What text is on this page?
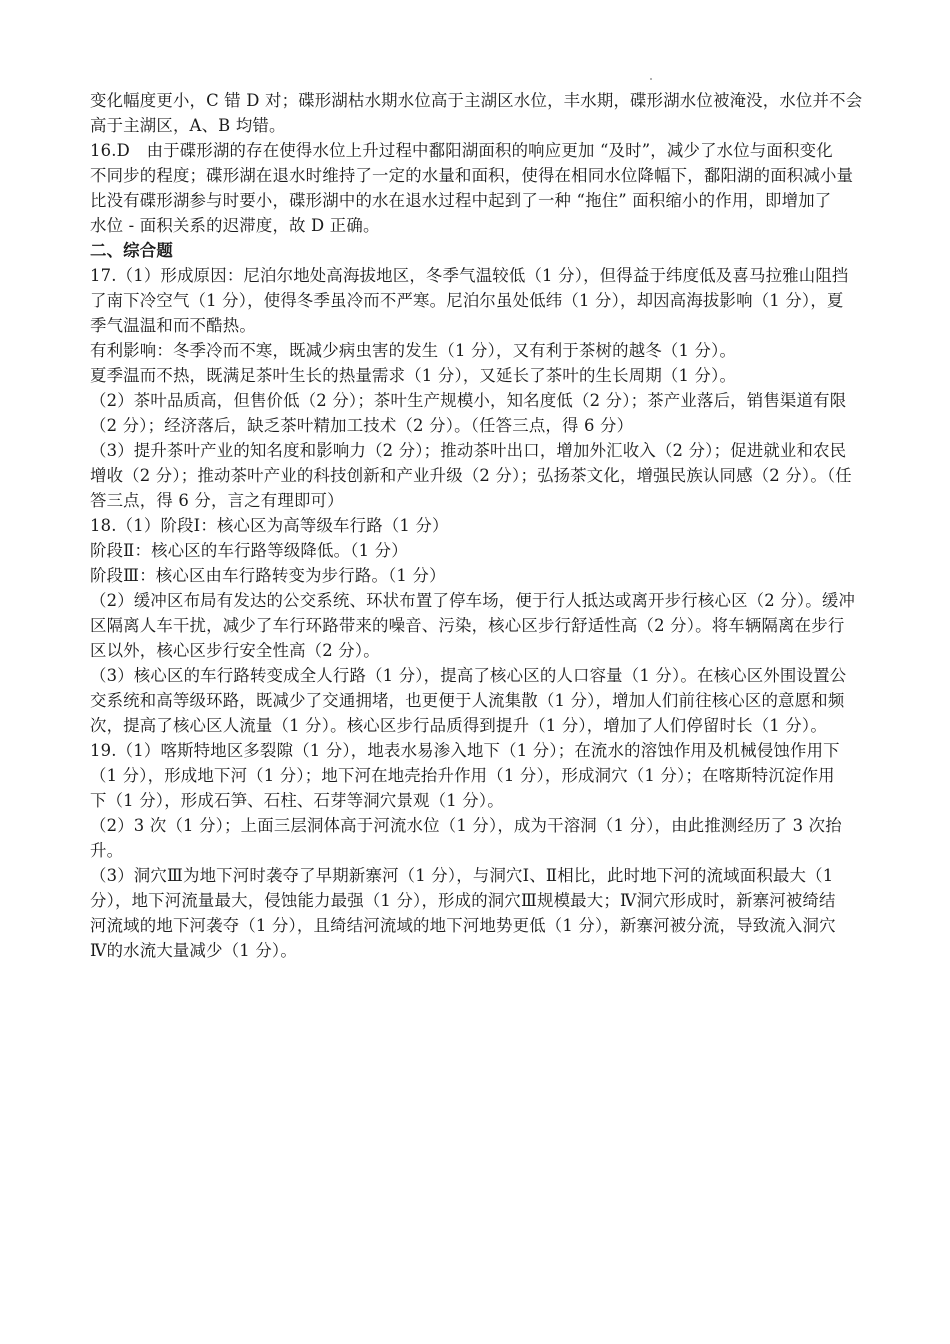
变化幅度更小，C 错 D 对；碟形湖枯水期水位高于主湖区水位，丰水期，碟形湖水位被淹没，水位并不会
高于主湖区，A、B 均错。
16.D　由于碟形湖的存在使得水位上升过程中鄱阳湖面积的响应更加 “及时”，减少了水位与面积变化
不同步的程度；碟形湖在退水时维持了一定的水量和面积，使得在相同水位降幅下，鄱阳湖的面积减小量
比没有碟形湖参与时要小，碟形湖中的水在退水过程中起到了一种 “拖住” 面积缩小的作用，即增加了
水位 - 面积关系的迟滞度，故 D 正确。
二、综合题
17.（1）形成原因：尼泊尔地处高海拔地区，冬季气温较低（1 分），但得益于纬度低及喜马拉雅山阻挡
了南下冷空气（1 分），使得冬季虽冷而不严寒。尼泊尔虽处低纬（1 分），却因高海拔影响（1 分），夏
季气温温和而不酷热。
有利影响：冬季冷而不寒，既减少病虫害的发生（1 分），又有利于茶树的越冬（1 分）。
夏季温而不热，既满足茶叶生长的热量需求（1 分），又延长了茶叶的生长周期（1 分）。
（2）茶叶品质高，但售价低（2 分）；茶叶生产规模小，知名度低（2 分）；茶产业落后，销售渠道有限
（2 分）；经济落后，缺乏茶叶精加工技术（2 分）。（任答三点，得 6 分）
（3）提升茶叶产业的知名度和影响力（2 分）；推动茶叶出口，增加外汇收入（2 分）；促进就业和农民
增收（2 分）；推动茶叶产业的科技创新和产业升级（2 分）；弘扬茶文化，增强民族认同感（2 分）。（任
答三点，得 6 分，言之有理即可）
18.（1）阶段Ⅰ：核心区为高等级车行路（1 分）
阶段Ⅱ：核心区的车行路等级降低。（1 分）
阶段Ⅲ：核心区由车行路转变为步行路。（1 分）
（2）缓冲区布局有发达的公交系统、环状布置了停车场，便于行人抵达或离开步行核心区（2 分）。缓冲
区隔离人车干扰，减少了车行环路带来的噪音、污染，核心区步行舒适性高（2 分）。将车辆隔离在步行
区以外，核心区步行安全性高（2 分）。
（3）核心区的车行路转变成全人行路（1 分），提高了核心区的人口容量（1 分）。在核心区外围设置公
交系统和高等级环路，既减少了交通拥堵，也更便于人流集散（1 分），增加人们前往核心区的意愿和频
次，提高了核心区人流量（1 分）。核心区步行品质得到提升（1 分），增加了人们停留时长（1 分）。
19.（1）喀斯特地区多裂隙（1 分），地表水易渗入地下（1 分）；在流水的溶蚀作用及机械侵蚀作用下
（1 分），形成地下河（1 分）；地下河在地壳抬升作用（1 分），形成洞穴（1 分）；在喀斯特沉淀作用
下（1 分），形成石笋、石柱、石芽等洞穴景观（1 分）。
（2）3 次（1 分）；上面三层洞体高于河流水位（1 分），成为干溶洞（1 分），由此推测经历了 3 次抬
升。
（3）洞穴Ⅲ为地下河时袭夺了早期新寨河（1 分），与洞穴Ⅰ、Ⅱ相比，此时地下河的流域面积最大（1
分），地下河流量最大，侵蚀能力最强（1 分），形成的洞穴Ⅲ规模最大；Ⅳ洞穴形成时，新寨河被绮结
河流域的地下河袭夺（1 分），且绮结河流域的地下河地势更低（1 分），新寨河被分流，导致流入洞穴
Ⅳ的水流大量减少（1 分）。
